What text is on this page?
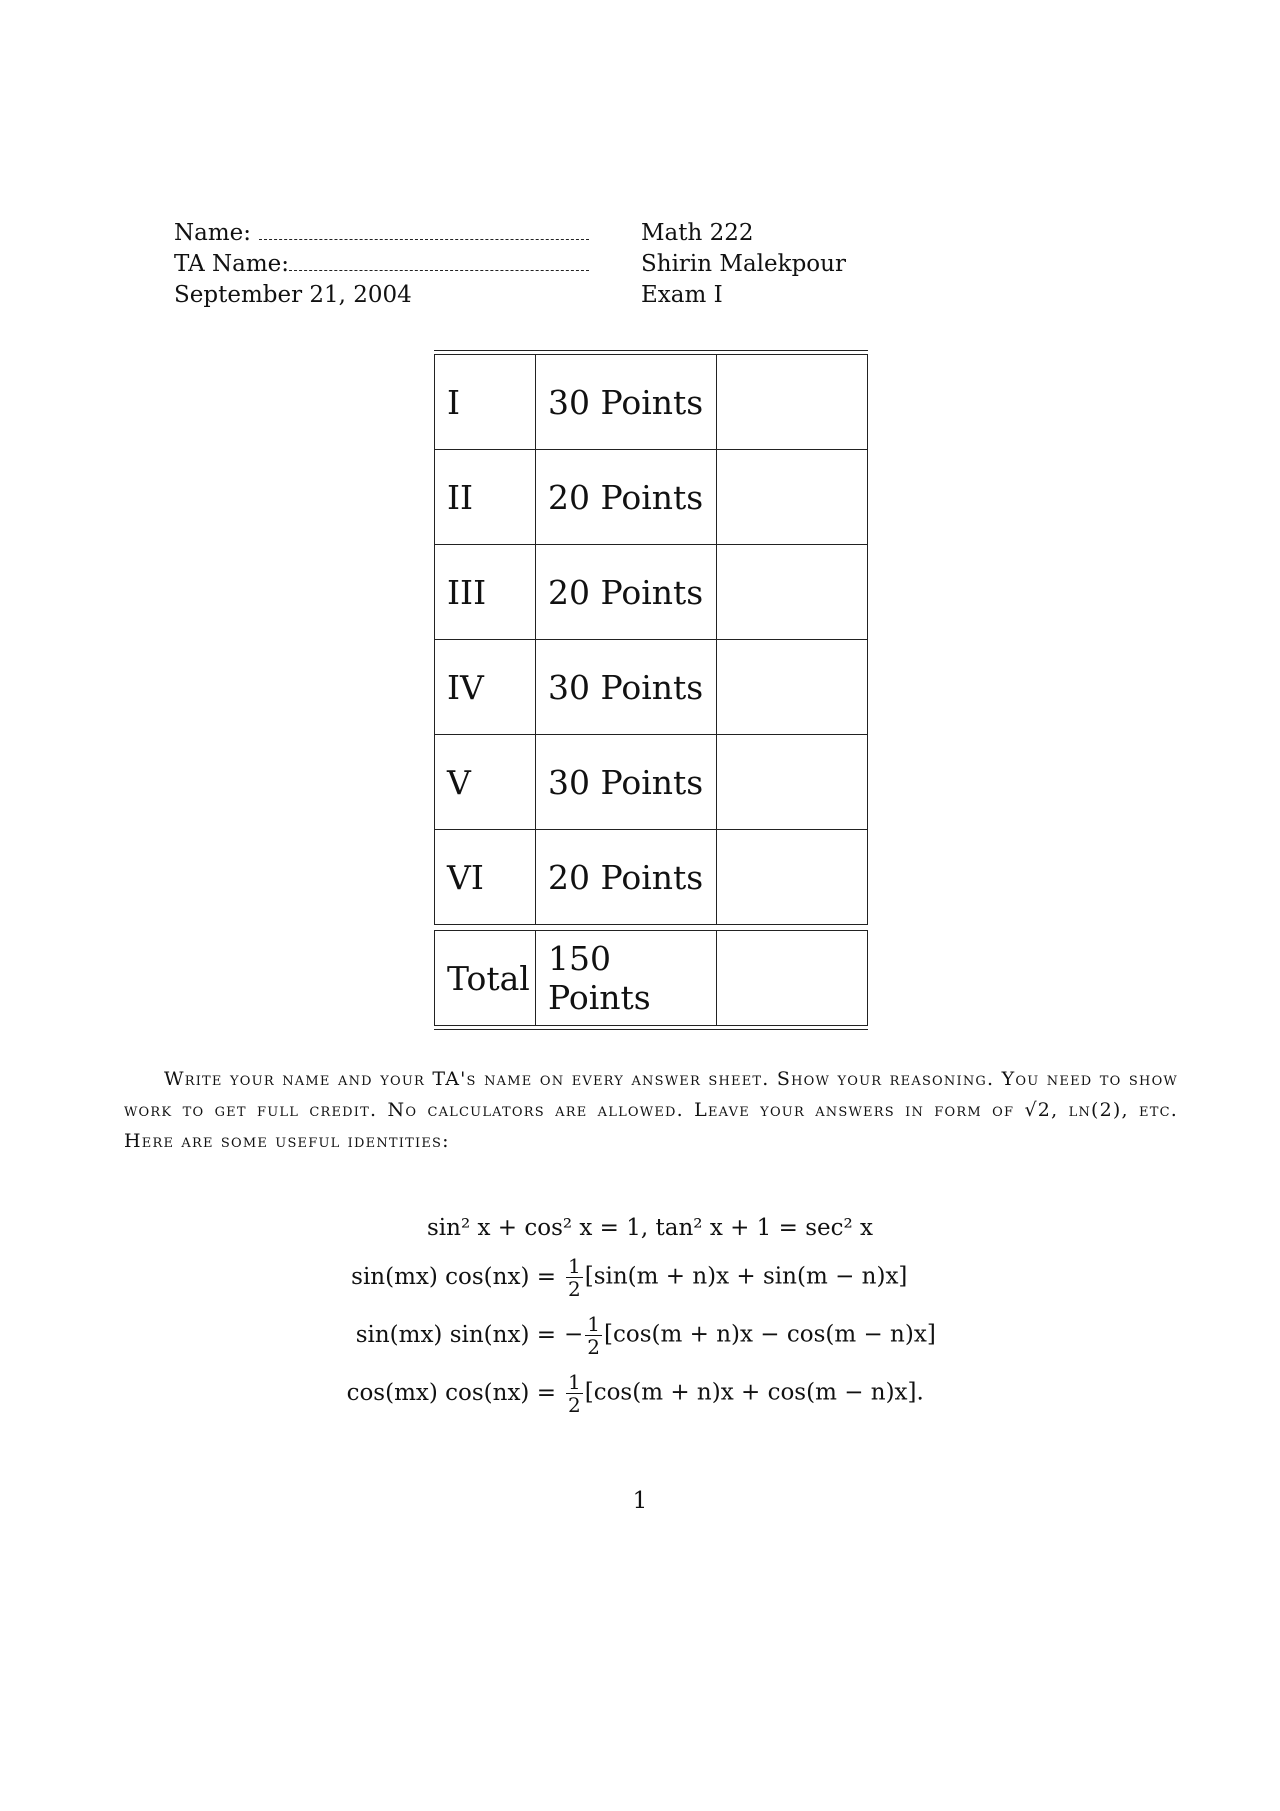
Name:
TA Name:
September 21, 2004
Math 222
Shirin Malekpour
Exam I
I	30 Points
II	20 Points
III	20 Points
IV	30 Points
V	30 Points
VI	20 Points
Total 150 Points
Write your name and your TA's name on every answer sheet. Show your reasoning. You need to show work to get full credit. No calculators are allowed. Leave your answers in form of √2, ln(2), etc. Here are some useful identities:
sin² x + cos² x = 1, tan² x + 1 = sec² x
sin(mx) $\cos(nx) = \frac{1}{2} [\sin(m + n)x + \sin(m - n)x]$
sin(mx) sin(nx) = − $\frac{1}{2} [\cos(m + n)x - \cos(m - n)x]$
cos(mx) $\cos(nx) = \frac{1}{2} [\cos(m + n)x + \cos(m - n)x]$.
1
